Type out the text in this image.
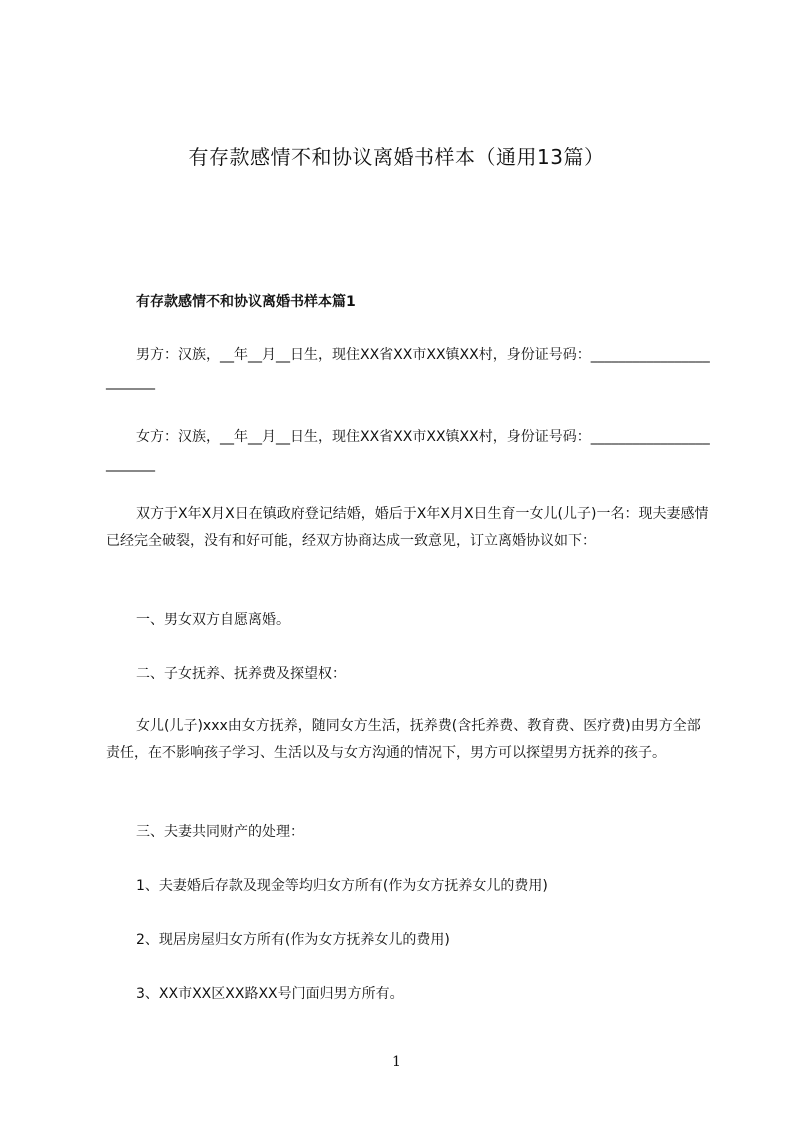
有存款感情不和协议离婚书样本（通用13篇）
有存款感情不和协议离婚书样本篇1
男方：汉族，__年__月__日生，现住XX省XX市XX镇XX村，身份证号码：________________________
女方：汉族，__年__月__日生，现住XX省XX市XX镇XX村，身份证号码：________________________
双方于X年X月X日在镇政府登记结婚，婚后于X年X月X日生育一女儿(儿子)一名：现夫妻感情已经完全破裂，没有和好可能，经双方协商达成一致意见，订立离婚协议如下：
一、男女双方自愿离婚。
二、子女抚养、抚养费及探望权：
女儿(儿子)xxx由女方抚养，随同女方生活，抚养费(含托养费、教育费、医疗费)由男方全部责任，在不影响孩子学习、生活以及与女方沟通的情况下，男方可以探望男方抚养的孩子。
三、夫妻共同财产的处理：
1、夫妻婚后存款及现金等均归女方所有(作为女方抚养女儿的费用)
2、现居房屋归女方所有(作为女方抚养女儿的费用)
3、XX市XX区XX路XX号门面归男方所有。
1
